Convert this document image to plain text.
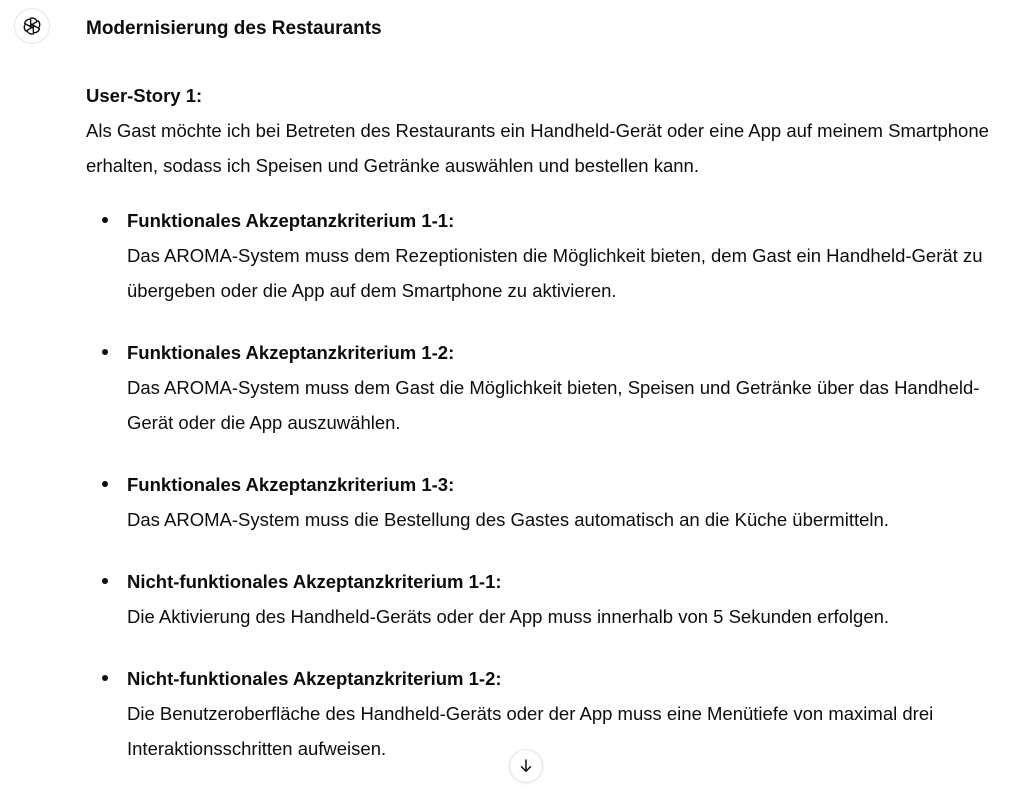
Modernisierung des Restaurants

User-Story 1:

Als Gast möchte ich bei Betreten des Restaurants ein Handheld-Gerät oder eine App auf meinem Smartphone erhalten, sodass ich Speisen und Getränke auswählen und bestellen kann.

Funktionales Akzeptanzkriterium 1-1:
Das AROMA-System muss dem Rezeptionisten die Möglichkeit bieten, dem Gast ein Handheld-Gerät zu übergeben oder die App auf dem Smartphone zu aktivieren.
Funktionales Akzeptanzkriterium 1-2:
Das AROMA-System muss dem Gast die Möglichkeit bieten, Speisen und Getränke über das Handheld-Gerät oder die App auszuwählen.
Funktionales Akzeptanzkriterium 1-3:
Das AROMA-System muss die Bestellung des Gastes automatisch an die Küche übermitteln.
Nicht-funktionales Akzeptanzkriterium 1-1:
Die Aktivierung des Handheld-Geräts oder der App muss innerhalb von 5 Sekunden erfolgen.
Nicht-funktionales Akzeptanzkriterium 1-2:
Die Benutzeroberfläche des Handheld-Geräts oder der App muss eine Menütiefe von maximal drei Interaktionsschritten aufweisen.
